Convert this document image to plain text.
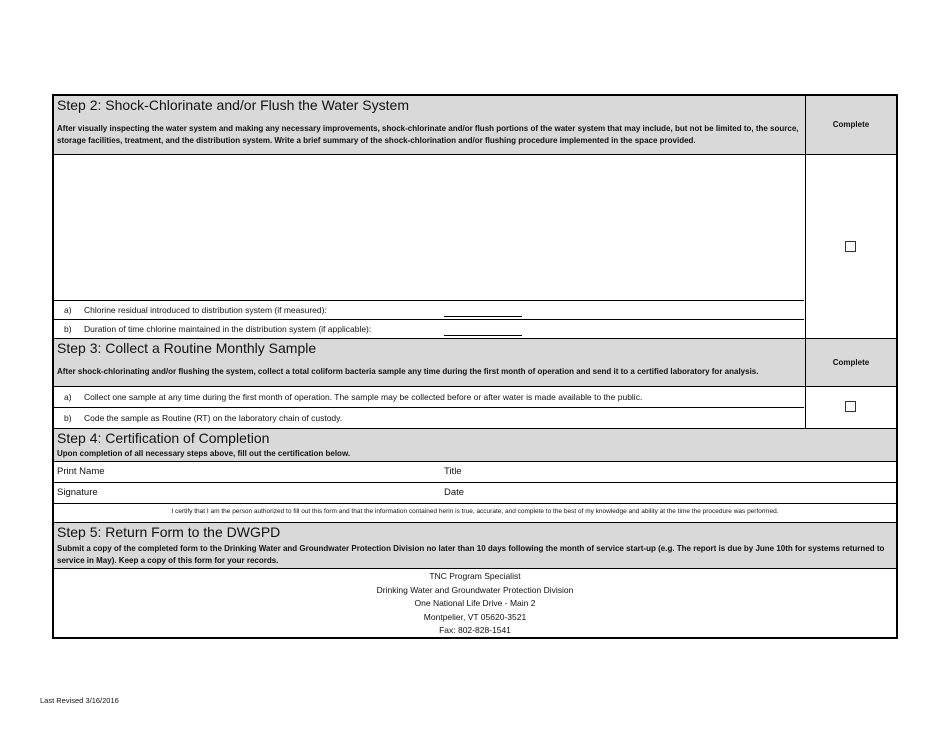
Step 2: Shock-Chlorinate and/or Flush the Water System
After visually inspecting the water system and making any necessary improvements, shock-chlorinate and/or flush portions of the water system that may include, but not be limited to, the source, storage facilities, treatment, and the distribution system. Write a brief summary of the shock-chlorination and/or flushing procedure implemented in the space provided.
Complete
a) Chlorine residual introduced to distribution system (if measured):
b) Duration of time chlorine maintained in the distribution system (if applicable):
Step 3: Collect a Routine Monthly Sample
After shock-chlorinating and/or flushing the system, collect a total coliform bacteria sample any time during the first month of operation and send it to a certified laboratory for analysis.
Complete
a) Collect one sample at any time during the first month of operation. The sample may be collected before or after water is made available to the public.
b) Code the sample as Routine (RT) on the laboratory chain of custody.
Step 4: Certification of Completion
Upon completion of all necessary steps above, fill out the certification below.
Print Name	Title
Signature	Date
I certify that I am the person authorized to fill out this form and that the information contained herin is true, accurate, and complete to the best of my knowledge and ability at the time the procedure was performed.
Step 5: Return Form to the DWGPD
Submit a copy of the completed form to the Drinking Water and Groundwater Protection Division no later than 10 days following the month of service start-up (e.g. The report is due by June 10th for systems returned to service in May). Keep a copy of this form for your records.
TNC Program Specialist
Drinking Water and Groundwater Protection Division
One National Life Drive - Main 2
Montpelier, VT 05620-3521
Fax: 802-828-1541
Last Revised 3/16/2016
